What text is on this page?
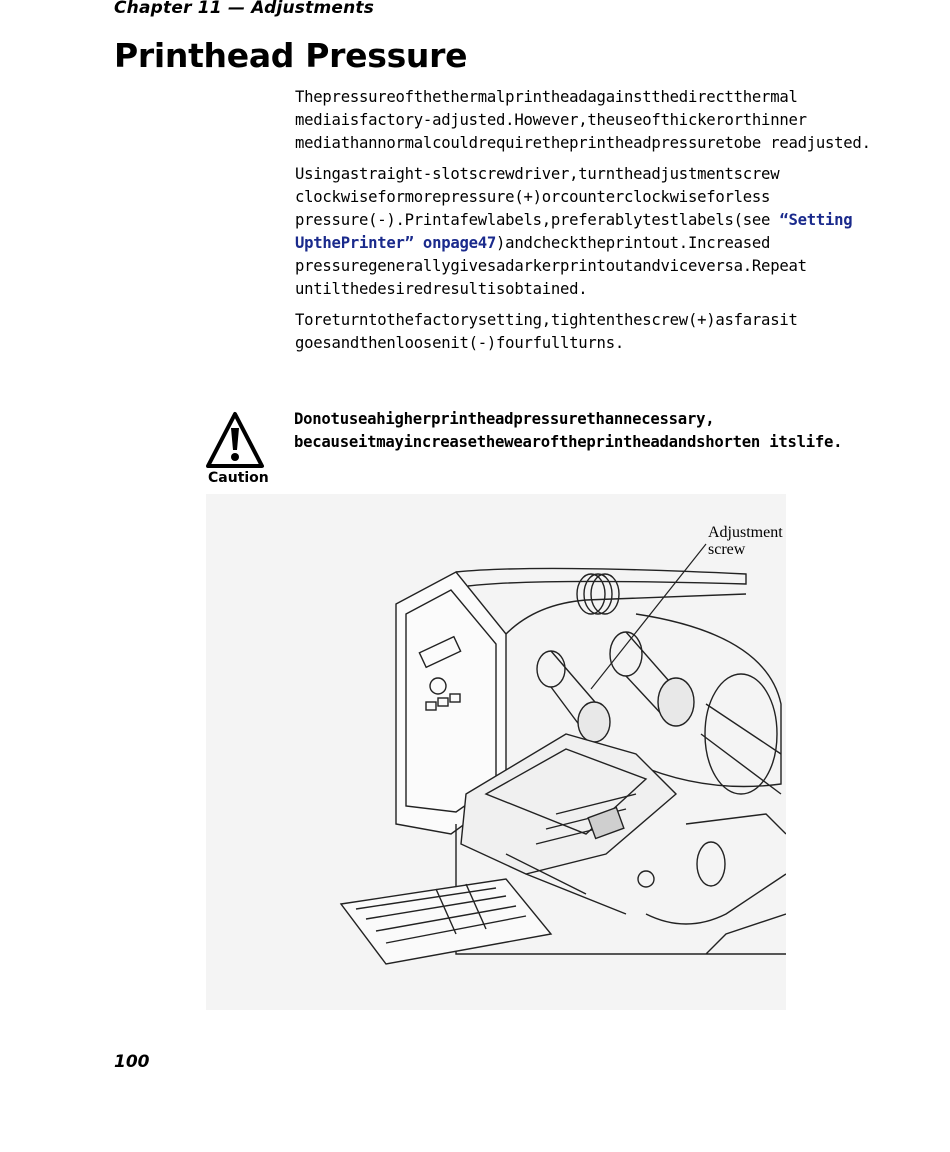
Chapter 11 — Adjustments
Printhead Pressure

Thepressureofthethermalprintheadagainstthedirectthermal mediaisfactory-adjusted.However,theuseofthickerorthinner mediathannormalcouldrequiretheprintheadpressuretobe readjusted.

Usingastraight-slotscrewdriver,turntheadjustmentscrew clockwiseformorepressure(+)orcounterclockwiseforless pressure(-).Printafewlabels,preferablytestlabels(see “Setting UpthePrinter” onpage47)andchecktheprintout.Increased pressuregenerallygivesadarkerprintoutandviceversa.Repeat untilthedesiredresultisobtained.

Toreturntothefactorysetting,tightenthescrew(+)asfarasit goesandthenloosenit(-)fourfullturns.

Caution
Donotuseahigherprintheadpressurethannecessary, becauseitmayincreasethewearoftheprintheadandshorten itslife.
Adjustment
screw
100
